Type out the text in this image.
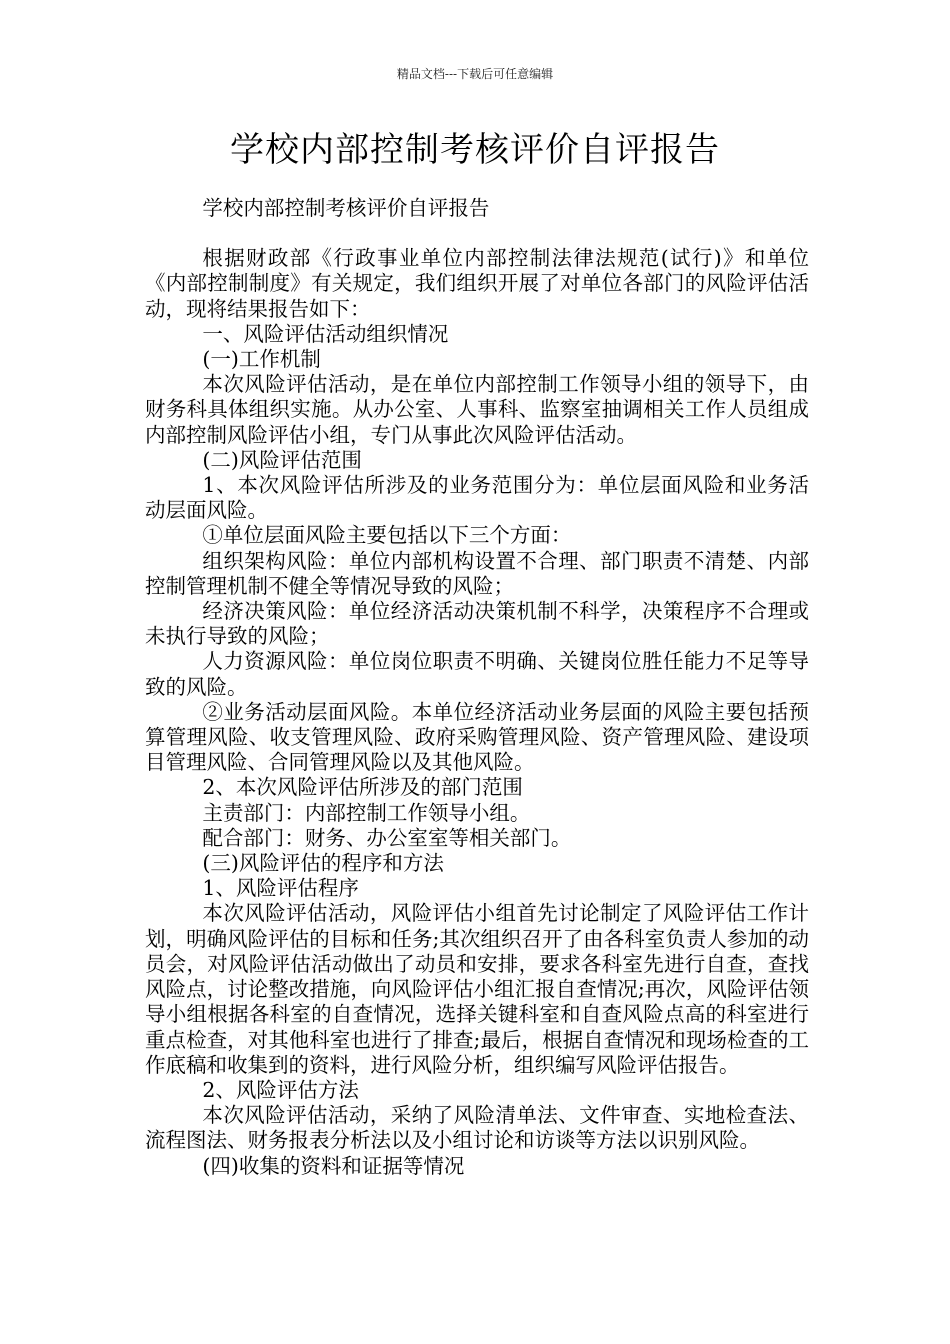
精品文档---下载后可任意编辑
学校内部控制考核评价自评报告

学校内部控制考核评价自评报告

根据财政部《行政事业单位内部控制法律法规范(试行)》和单位《内部控制制度》有关规定，我们组织开展了对单位各部门的风险评估活动，现将结果报告如下：

一、风险评估活动组织情况

(一)工作机制

本次风险评估活动，是在单位内部控制工作领导小组的领导下，由财务科具体组织实施。从办公室、人事科、监察室抽调相关工作人员组成内部控制风险评估小组，专门从事此次风险评估活动。

(二)风险评估范围

1、本次风险评估所涉及的业务范围分为：单位层面风险和业务活动层面风险。

①单位层面风险主要包括以下三个方面：

组织架构风险：单位内部机构设置不合理、部门职责不清楚、内部控制管理机制不健全等情况导致的风险；

经济决策风险：单位经济活动决策机制不科学，决策程序不合理或未执行导致的风险；

人力资源风险：单位岗位职责不明确、关键岗位胜任能力不足等导致的风险。

②业务活动层面风险。本单位经济活动业务层面的风险主要包括预算管理风险、收支管理风险、政府采购管理风险、资产管理风险、建设项目管理风险、合同管理风险以及其他风险。

2、本次风险评估所涉及的部门范围

主责部门：内部控制工作领导小组。

配合部门：财务、办公室室等相关部门。

(三)风险评估的程序和方法

1、风险评估程序

本次风险评估活动，风险评估小组首先讨论制定了风险评估工作计划，明确风险评估的目标和任务;其次组织召开了由各科室负责人参加的动员会，对风险评估活动做出了动员和安排，要求各科室先进行自查，查找风险点，讨论整改措施，向风险评估小组汇报自查情况;再次，风险评估领导小组根据各科室的自查情况，选择关键科室和自查风险点高的科室进行重点检查，对其他科室也进行了排查;最后，根据自查情况和现场检查的工作底稿和收集到的资料，进行风险分析，组织编写风险评估报告。

2、风险评估方法

本次风险评估活动，采纳了风险清单法、文件审查、实地检查法、流程图法、财务报表分析法以及小组讨论和访谈等方法以识别风险。

(四)收集的资料和证据等情况
